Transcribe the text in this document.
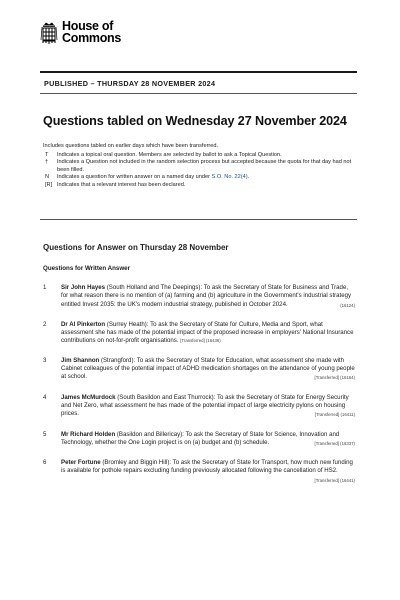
House of
Commons
PUBLISHED – THURSDAY 28 NOVEMBER 2024
Questions tabled on Wednesday 27 November 2024
Includes questions tabled on earlier days which have been transferred.
T	Indicates a topical oral question. Members are selected by ballot to ask a Topical Question.
†	Indicates a Question not included in the random selection process but accepted because the quota for that day had not been filled.
N	Indicates a question for written answer on a named day under S.O. No. 22(4).
[R] Indicates that a relevant interest has been declared.
Questions for Answer on Thursday 28 November
Questions for Written Answer
1	Sir John Hayes (South Holland and The Deepings): To ask the Secretary of State for Business and Trade, for what reason there is no mention of (a) farming and (b) agriculture in the Government's industrial strategy entitled Invest 2035: the UK's modern industrial strategy, published in October 2024.	(16124)
2	Dr Al Pinkerton (Surrey Heath): To ask the Secretary of State for Culture, Media and Sport, what assessment she has made of the potential impact of the proposed increase in employers' National Insurance contributions on not-for-profit organisations. [Transferred] (16436)
3	Jim Shannon (Strangford): To ask the Secretary of State for Education, what assessment she made with Cabinet colleagues of the potential impact of ADHD medication shortages on the attendance of young people at school.	[Transferred] (16164)
4	James McMurdock (South Basildon and East Thurrock): To ask the Secretary of State for Energy Security and Net Zero, what assessment he has made of the potential impact of large electricity pylons on housing prices.	[Transferred] (16411)
5	Mr Richard Holden (Basildon and Billericay): To ask the Secretary of State for Science, Innovation and Technology, whether the One Login project is on (a) budget and (b) schedule.	[Transferred] (16337)
6	Peter Fortune (Bromley and Biggin Hill): To ask the Secretary of State for Transport, how much new funding is available for pothole repairs excluding funding previously allocated following the cancellation of HS2.
[Transferred] (16441)
